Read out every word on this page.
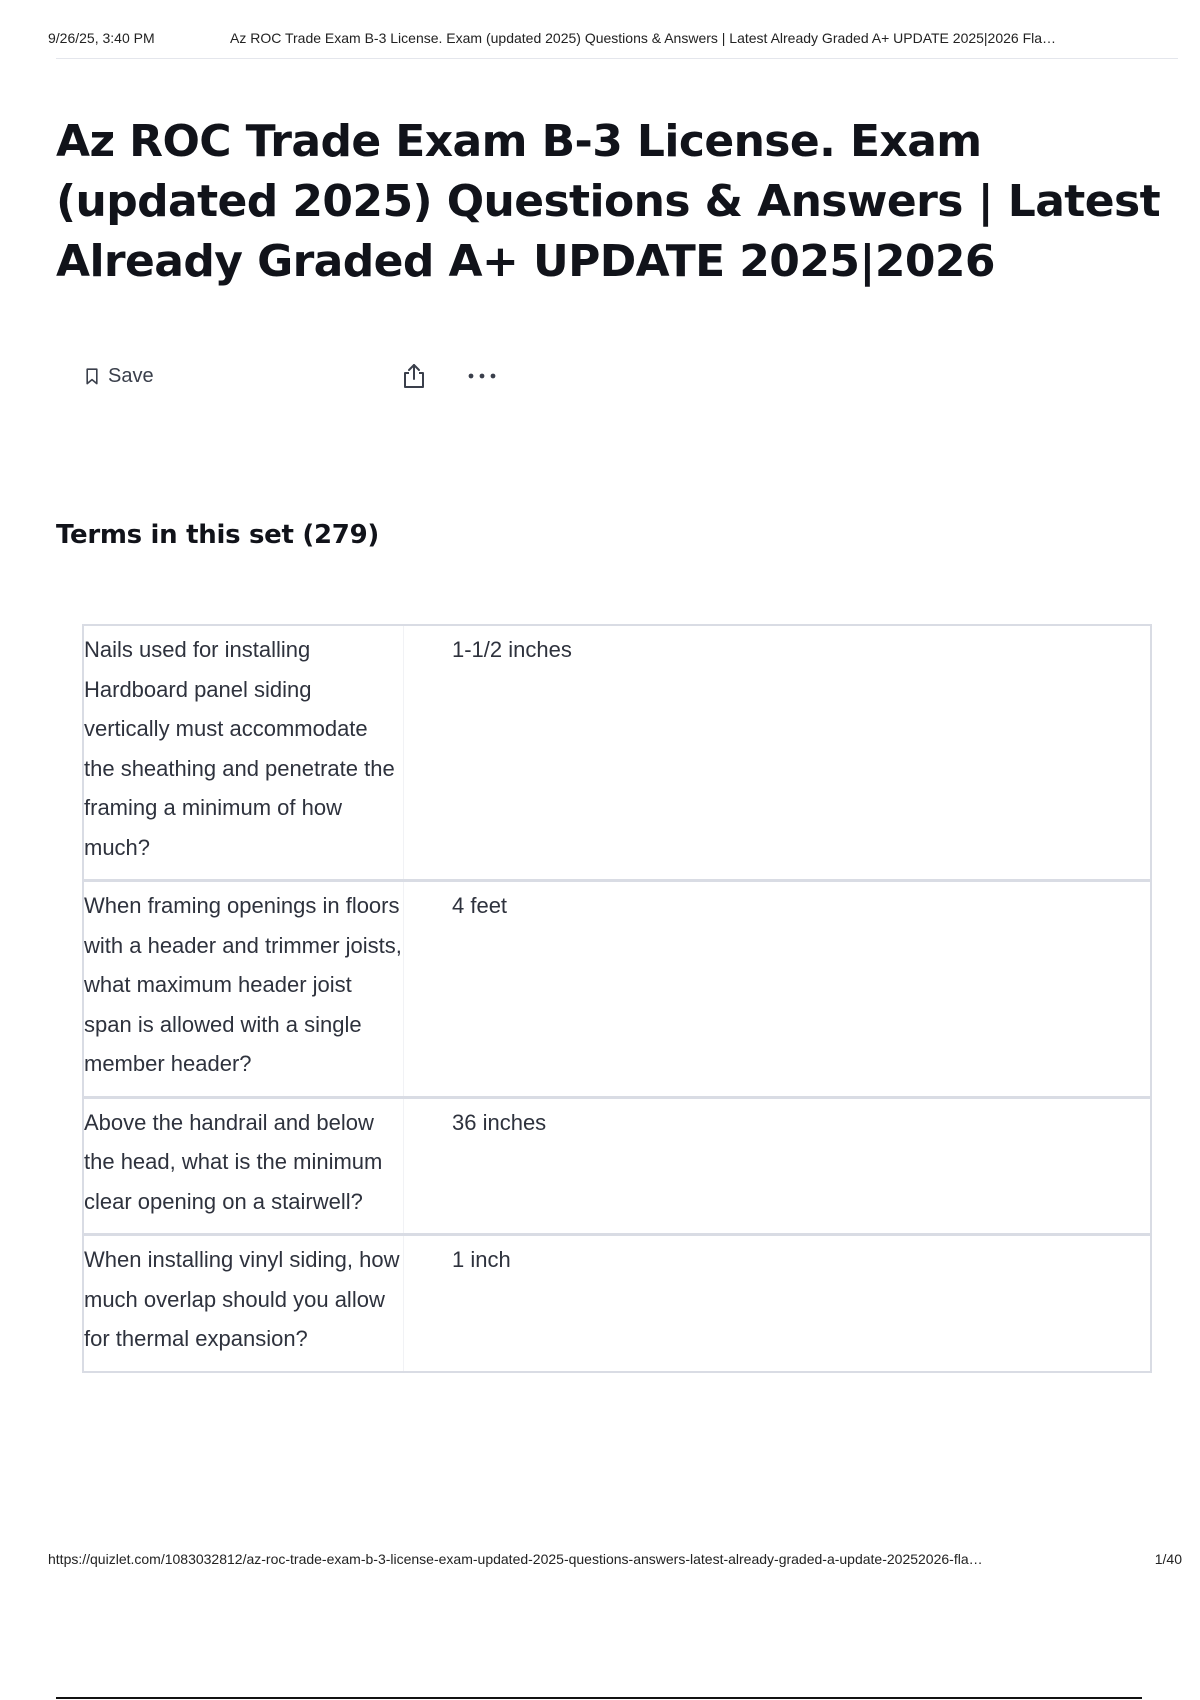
9/26/25, 3:40 PM	Az ROC Trade Exam B-3 License. Exam (updated 2025) Questions & Answers | Latest Already Graded A+ UPDATE 2025|2026 Fla…
Az ROC Trade Exam B-3 License. Exam (updated 2025) Questions & Answers | Latest Already Graded A+ UPDATE 2025|2026
Save
Terms in this set (279)
Nails used for installing Hardboard panel siding vertically must accommodate the sheathing and penetrate the framing a minimum of how much?
1-1/2 inches
When framing openings in floors with a header and trimmer joists, what maximum header joist span is allowed with a single member header?
4 feet
Above the handrail and below the head, what is the minimum clear opening on a stairwell?
36 inches
When installing vinyl siding, how much overlap should you allow for thermal expansion?
1 inch
https://quizlet.com/1083032812/az-roc-trade-exam-b-3-license-exam-updated-2025-questions-answers-latest-already-graded-a-update-20252026-fla…	1/40
